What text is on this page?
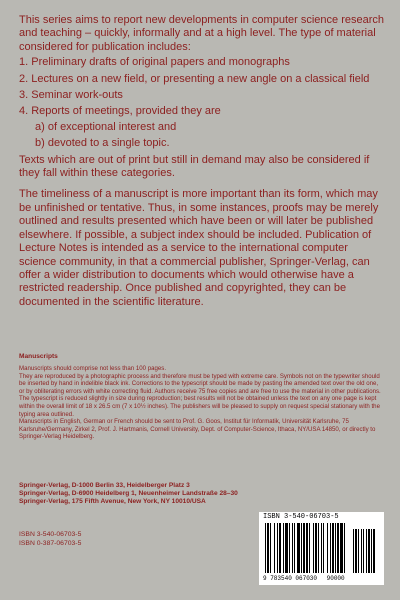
This series aims to report new developments in computer science research and teaching – quickly, informally and at a high level. The type of material considered for publication includes:

1. Preliminary drafts of original papers and monographs
2. Lectures on a new field, or presenting a new angle on a classical field
3. Seminar work-outs
4. Reports of meetings, provided they are
a) of exceptional interest and
b) devoted to a single topic.

Texts which are out of print but still in demand may also be considered if they fall within these categories.

The timeliness of a manuscript is more important than its form, which may be unfinished or tentative. Thus, in some instances, proofs may be merely outlined and results presented which have been or will later be published elsewhere. If possible, a subject index should be included. Publication of Lecture Notes is intended as a service to the international computer science community, in that a commercial publisher, Springer-Verlag, can offer a wider distribution to documents which would otherwise have a restricted readership. Once published and copyrighted, they can be documented in the scientific literature.

Manuscripts

Manuscripts should comprise not less than 100 pages.

They are reproduced by a photographic process and therefore must be typed with extreme care. Symbols not on the typewriter should be inserted by hand in indelible black ink. Corrections to the typescript should be made by pasting the amended text over the old one, or by obliterating errors with white correcting fluid. Authors receive 75 free copies and are free to use the material in other publications. The typescript is reduced slightly in size during reproduction; best results will not be obtained unless the text on any one page is kept within the overall limit of 18 x 26.5 cm (7 x 10½ inches). The publishers will be pleased to supply on request special stationary with the typing area outlined.

Manuscripts in English, German or French should be sent to Prof. G. Goos, Institut für Informatik, Universität Karlsruhe, 75 Karlsruhe/Germany, Zirkel 2, Prof. J. Hartmanis, Cornell University, Dept. of Computer-Science, Ithaca, NY/USA 14850, or directly to Springer-Verlag Heidelberg.

Springer-Verlag, D-1000 Berlin 33, Heidelberger Platz 3

Springer-Verlag, D-6900 Heidelberg 1, Neuenheimer Landstraße 28–30

Springer-Verlag, 175 Fifth Avenue, New York, NY 10010/USA

ISBN 3-540-06703-5

ISBN 0-387-06703-5

ISBN 3-540-06703-5
9 783540 067030 90000
